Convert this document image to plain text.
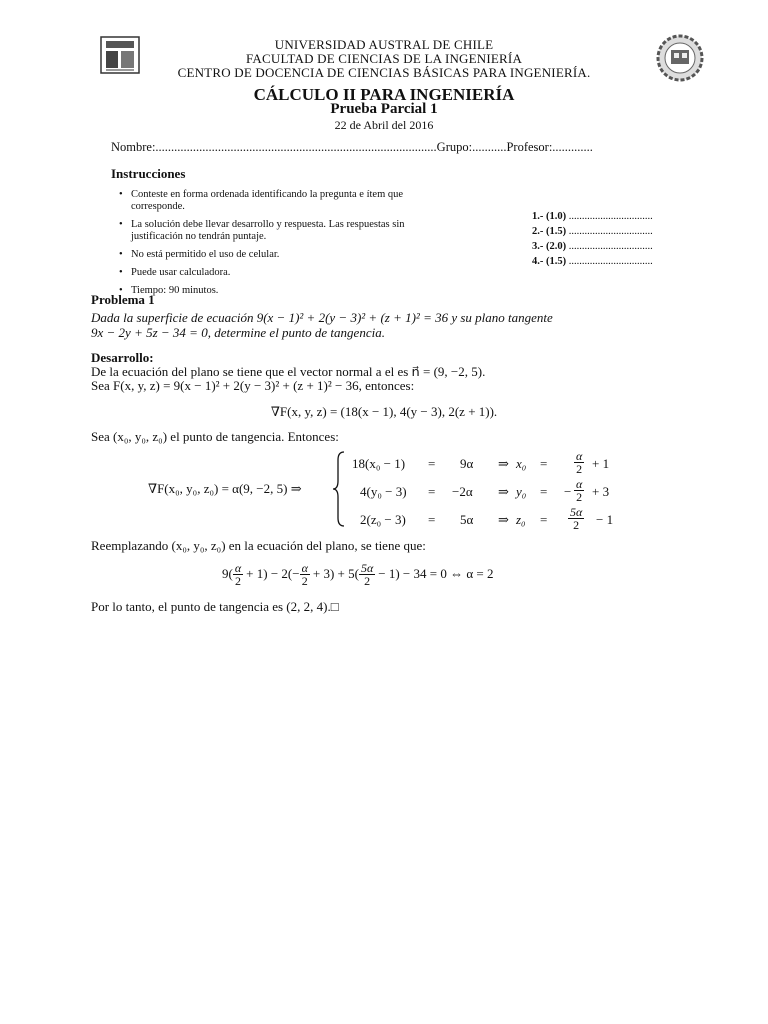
UNIVERSIDAD AUSTRAL DE CHILE
FACULTAD DE CIENCIAS DE LA INGENIERÍA
CENTRO DE DOCENCIA DE CIENCIAS BÁSICAS PARA INGENIERÍA.
CÁLCULO II PARA INGENIERÍA
Prueba Parcial 1
22 de Abril del 2016
Nombre:..........................................................................................Grupo:...........Profesor:.............
Instrucciones
• Conteste en forma ordenada identificando la pregunta e ítem que corresponde.
• La solución debe llevar desarrollo y respuesta. Las respuestas sin justificación no tendrán puntaje.
• No está permitido el uso de celular.
• Puede usar calculadora.
• Tiempo: 90 minutos.
1.- (1.0) ................................
2.- (1.5) ................................
3.- (2.0) ................................
4.- (1.5) ................................
Problema 1
Dada la superficie de ecuación 9(x − 1)² + 2(y − 3)² + (z + 1)² = 36 y su plano tangente
9x − 2y + 5z − 34 = 0, determine el punto de tangencia.
Desarrollo:
De la ecuación del plano se tiene que el vector normal a el es n⃗ = (9, −2, 5).
Sea F(x, y, z) = 9(x − 1)² + 2(y − 3)² + (z + 1)² − 36, entonces:
∇F(x, y, z) = (18(x − 1), 4(y − 3), 2(z + 1)).
Sea (x₀, y₀, z₀) el punto de tangencia. Entonces:
∇F(x₀, y₀, z₀) = α(9, −2, 5) ⇒
18(x₀ − 1) = 9α ⇒ $x_0 = \frac{\alpha}{2} + 1$
4(y₀ − 3) = −2α ⇒ y₀ = − $\frac{\alpha}{2} + 3$
2(z₀ − 3) = 5α ⇒ $z_0 = \frac{5\alpha}{2} - 1$
Reemplazando (x₀, y₀, z₀) en la ecuación del plano, se tiene que:
$9( \frac{\alpha}{2} + 1) - 2(- \frac{\alpha}{2} + 3) + 5( \frac{5\alpha}{2} - 1) - 34 = 0$ ⇔ α = 2
Por lo tanto, el punto de tangencia es (2, 2, 4).□
